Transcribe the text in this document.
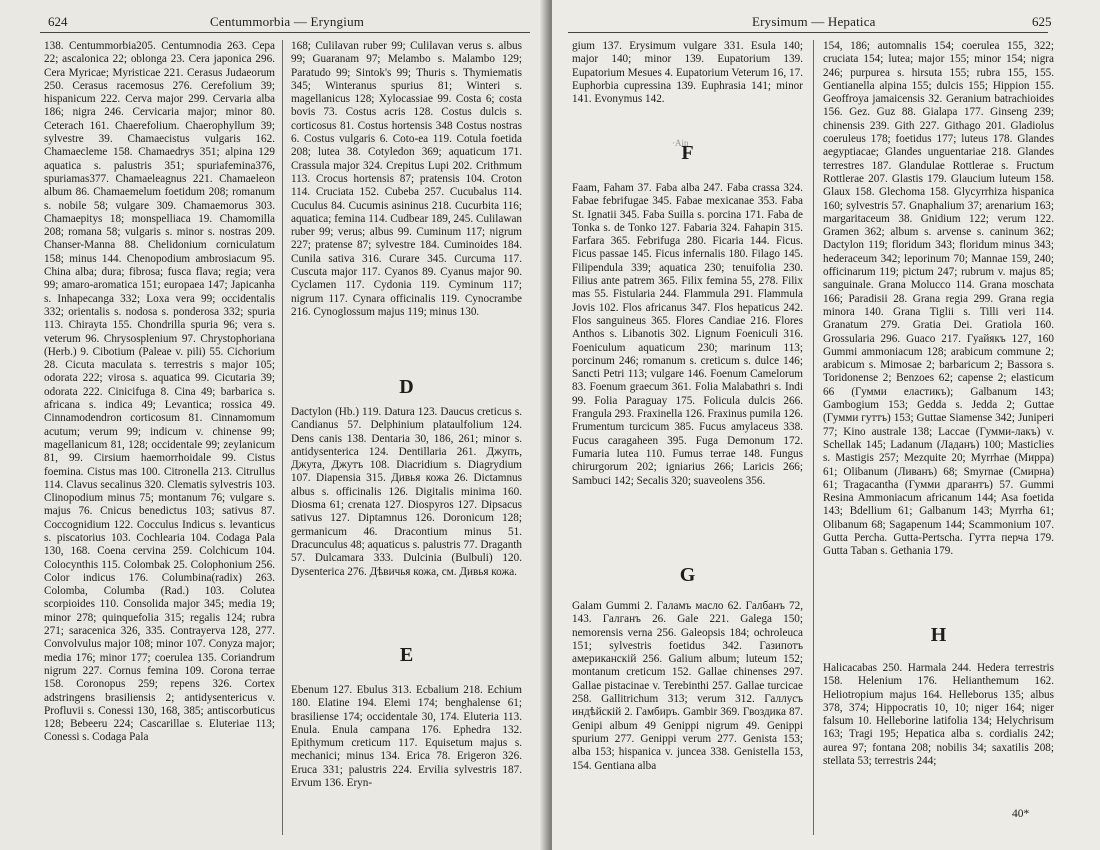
624	Centummorbia — Eryngium

138. Centummorbia205. Centumnodia 263. Cepa 22; ascalonica 22; oblonga 23. Cera japonica 296. Cera Myricae; Myristicae 221. Cerasus Judaeorum 250. Cerasus racemosus 276. Cerefolium 39; hispanicum 222. Cerva major 299. Cervaria alba 186; nigra 246. Cervicaria major; minor 80. Ceterach 161. Chaerefolium. Chaerophyllum 39; sylvestre 39. Chamaecistus vulgaris 162. Chamaecleme 158. Chamaedrys 351; alpina 129 aquatica s. palustris 351; spuriafemina376, spuriamas377. Chamaeleagnus 221. Chamaeleon album 86. Chamaemelum foetidum 208; romanum s. nobile 58; vulgare 309. Chamaemorus 303. Chamaepitys 18; monspelliaca 19. Chamomilla 208; romana 58; vulgaris s. minor s. nostras 209. Chanser-Manna 88. Chelidonium corniculatum 158; minus 144. Chenopodium ambrosiacum 95. China alba; dura; fibrosa; fusca flava; regia; vera 99; amaro-aromatica 151; europaea 147; Japicanha s. Inhapecanga 332; Loxa vera 99; occidentalis 332; orientalis s. nodosa s. ponderosa 332; spuria 113. Chirayta 155. Chondrilla spuria 96; vera s. veterum 96. Chrysosplenium 97. Chrystophoriana (Herb.) 9. Cibotium (Paleae v. pili) 55. Cichorium 28. Cicuta maculata s. terrestris s major 105; odorata 222; virosa s. aquatica 99. Cicutaria 39; odorata 222. Cinicifuga 8. Cina 49; barbarica s. africana s. indica 49; Levantica; rossica 49. Cinnamodendron corticosum 81. Cinnamomum acutum; verum 99; indicum v. chinense 99; magellanicum 81, 128; occidentale 99; zeylanicum 81, 99. Cirsium haemorrhoidale 99. Cistus foemina. Cistus mas 100. Citronella 213. Citrullus 114. Clavus secalinus 320. Clematis sylvestris 103. Clinopodium minus 75; montanum 76; vulgare s. majus 76. Cnicus benedictus 103; sativus 87. Coccognidium 122. Cocculus Indicus s. levanticus s. piscatorius 103. Cochlearia 104. Codaga Pala 130, 168. Coena cervina 259. Colchicum 104. Colocynthis 115. Colombak 25. Colophonium 256. Color indicus 176. Columbina(radix) 263. Colomba, Columba (Rad.) 103. Colutea scorpioides 110. Consolida major 345; media 19; minor 278; quinquefolia 315; regalis 124; rubra 271; saracenica 326, 335. Contrayerva 128, 277. Convolvulus major 108; minor 107. Conyza major; media 176; minor 177; coerulea 135. Coriandrum nigrum 227. Cornus femina 109. Corona terrae 158. Coronopus 259; repens 326. Cortex adstringens brasiliensis 2; antidysentericus v. Profluvii s. Conessi 130, 168, 385; antiscorbuticus 128; Bebeeru 224; Cascarillae s. Eluteriae 113; Conessi s. Codaga Pala

168; Culilavan ruber 99; Culilavan verus s. albus 99; Guaranam 97; Melambo s. Malambo 129; Paratudo 99; Sintok's 99; Thuris s. Thymiematis 345; Winteranus spurius 81; Winteri s. magellanicus 128; Xylocassiae 99. Costa 6; costa bovis 73. Costus acris 128. Costus dulcis s. corticosus 81. Costus hortensis 348 Costus nostras 6. Costus vulgaris 6. Coto-ea 119. Cotula foetida 208; lutea 38. Cotyledon 369; aquaticum 171. Crassula major 324. Crepitus Lupi 202. Crithmum 113. Crocus hortensis 87; pratensis 104. Croton 114. Cruciata 152. Cubeba 257. Cucubalus 114. Cuculus 84. Cucumis asininus 218. Cucurbita 116; aquatica; femina 114. Cudbear 189, 245. Culilawan ruber 99; verus; albus 99. Cuminum 117; nigrum 227; pratense 87; sylvestre 184. Cuminoides 184. Cunila sativa 316. Curare 345. Curcuma 117. Cuscuta major 117. Cyanos 89. Cyanus major 90. Cyclamen 117. Cydonia 119. Cyminum 117; nigrum 117. Cynara officinalis 119. Cynocrambe 216. Cynoglossum majus 119; minus 130.

D

Dactylon (Hb.) 119. Datura 123. Daucus creticus s. Candianus 57. Delphinium plataulfolium 124. Dens canis 138. Dentaria 30, 186, 261; minor s. antidysenterica 124. Dentillaria 261. Джупъ, Джута, Джутъ 108. Diacridium s. Diagrydium 107. Diapensia 315. Дивья кожа 26. Dictamnus albus s. officinalis 126. Digitalis minima 160. Diosma 61; crenata 127. Diospyros 127. Dipsacus sativus 127. Diptamnus 126. Doronicum 128; germanicum 46. Dracontium minus 51. Dracunculus 48; aquaticus s. palustris 77. Draganth 57. Dulcamara 333. Dulcinia (Bulbuli) 120. Dysenterica 276. Дѣвичья кожа, см. Дивья кожа.

E

Ebenum 127. Ebulus 313. Ecbalium 218. Echium 180. Elatine 194. Elemi 174; benghalense 61; brasiliense 174; occidentale 30, 174. Eluteria 113. Enula. Enula campana 176. Ephedra 132. Epithymum creticum 117. Equisetum majus s. mechanici; minus 134. Erica 78. Erigeron 326. Eruca 331; palustris 224. Ervilia sylvestris 187. Ervum 136. Eryn-

Erysimum — Hepatica	625

gium 137. Erysimum vulgare 331. Esula 140; major 140; minor 139. Eupatorium 139. Eupatorium Mesues 4. Eupatorium Veterum 16, 17. Euphorbia cupressina 139. Euphrasia 141; minor 141. Evonymus 142.

·Ain
F

Faam, Faham 37. Faba alba 247. Faba crassa 324. Fabae febrifugae 345. Fabae mexicanae 353. Faba St. Ignatii 345. Faba Suilla s. porcina 171. Faba de Tonka s. de Tonko 127. Fabaria 324. Fahapin 315. Farfara 365. Febrifuga 280. Ficaria 144. Ficus. Ficus passae 145. Ficus infernalis 180. Filago 145. Filipendula 339; aquatica 230; tenuifolia 230. Filius ante patrem 365. Filix femina 55, 278. Filix mas 55. Fistularia 244. Flammula 291. Flammula Jovis 102. Flos africanus 347. Flos hepaticus 242. Flos sanguineus 365. Flores Candiae 216. Flores Anthos s. Libanotis 302. Lignum Foeniculi 316. Foeniculum aquaticum 230; marinum 113; porcinum 246; romanum s. creticum s. dulce 146; Sancti Petri 113; vulgare 146. Foenum Camelorum 83. Foenum graecum 361. Folia Malabathri s. Indi 99. Folia Paraguay 175. Folicula dulcis 266. Frangula 293. Fraxinella 126. Fraxinus pumila 126. Frumentum turcicum 385. Fucus amylaceus 338. Fucus caragaheen 395. Fuga Demonum 172. Fumaria lutea 110. Fumus terrae 148. Fungus chirurgorum 202; igniarius 266; Laricis 266; Sambuci 142; Secalis 320; suaveolens 356.

G

Galam Gummi 2. Галамъ масло 62. Галбанъ 72, 143. Галганъ 26. Gale 221. Galega 150; nemorensis verna 256. Galeopsis 184; ochroleuca 151; sylvestris foetidus 342. Газипотъ американскій 256. Galium album; luteum 152; montanum creticum 152. Gallae chinenses 297. Gallae pistacinae v. Terebinthi 257. Gallae turcicae 258. Gallitrichum 313; verum 312. Галлусъ индѣйскій 2. Гамбиръ. Gambir 369. Гвоздика 87. Genipi album 49 Genippi nigrum 49. Genippi spurium 277. Genippi verum 277. Genista 153; alba 153; hispanica v. juncea 338. Genistella 153, 154. Gentiana alba

154, 186; automnalis 154; coerulea 155, 322; cruciata 154; lutea; major 155; minor 154; nigra 246; purpurea s. hirsuta 155; rubra 155, 155. Gentianella alpina 155; dulcis 155; Hippion 155. Geoffroya jamaicensis 32. Geranium batrachioides 156. Gez. Guz 88. Gialapa 177. Ginseng 239; chinensis 239. Gith 227. Githago 201. Gladiolus coeruleus 178; foetidus 177; luteus 178. Glandes aegyptiacae; Glandes unguentariae 218. Glandes terrestres 187. Glandulae Rottlerae s. Fructum Rottlerae 207. Glastis 179. Glaucium luteum 158. Glaux 158. Glechoma 158. Glycyrrhiza hispanica 160; sylvestris 57. Gnaphalium 37; arenarium 163; margaritaceum 38. Gnidium 122; verum 122. Gramen 362; album s. arvense s. caninum 362; Dactylon 119; floridum 343; floridum minus 343; hederaceum 342; leporinum 70; Mannae 159, 240; officinarum 119; pictum 247; rubrum v. majus 85; sanguinale. Grana Molucco 114. Grana moschata 166; Paradisii 28. Grana regia 299. Grana regia minora 140. Grana Tiglii s. Tilli veri 114. Granatum 279. Gratia Dei. Gratiola 160. Grossularia 296. Guaco 217. Гуайякъ 127, 160 Gummi ammoniacum 128; arabicum commune 2; arabicum s. Mimosae 2; barbaricum 2; Bassora s. Toridonense 2; Benzoes 62; capense 2; elasticum 66 (Гумми еластикъ); Galbanum 143; Gambogium 153; Gedda s. Jedda 2; Guttae (Гумми гуттъ) 153; Guttae Siamense 342; Juniperi 77; Kino australe 138; Laccae (Гумми-лакъ) v. Schellak 145; Ladanum (Ладанъ) 100; Masticlies s. Mastigis 257; Mezquite 20; Myrrhae (Мирра) 61; Olibanum (Ливанъ) 68; Smyrnae (Смирна) 61; Tragacantha (Гумми драгантъ) 57. Gummi Resina Ammoniacum africanum 144; Asa foetida 143; Bdellium 61; Galbanum 143; Myrrha 61; Olibanum 68; Sagapenum 144; Scammonium 107. Gutta Percha. Gutta-Pertscha. Гутта перча 179. Gutta Taban s. Gethania 179.

H

Halicacabas 250. Harmala 244. Hedera terrestris 158. Helenium 176. Helianthemum 162. Heliotropium majus 164. Helleborus 135; albus 378, 374; Hippocratis 10, 10; niger 164; niger falsum 10. Helleborine latifolia 134; Helychrisum 163; Tragi 195; Hepatica alba s. cordialis 242; aurea 97; fontana 208; nobilis 34; saxatilis 208; stellata 53; terrestris 244;

40*
